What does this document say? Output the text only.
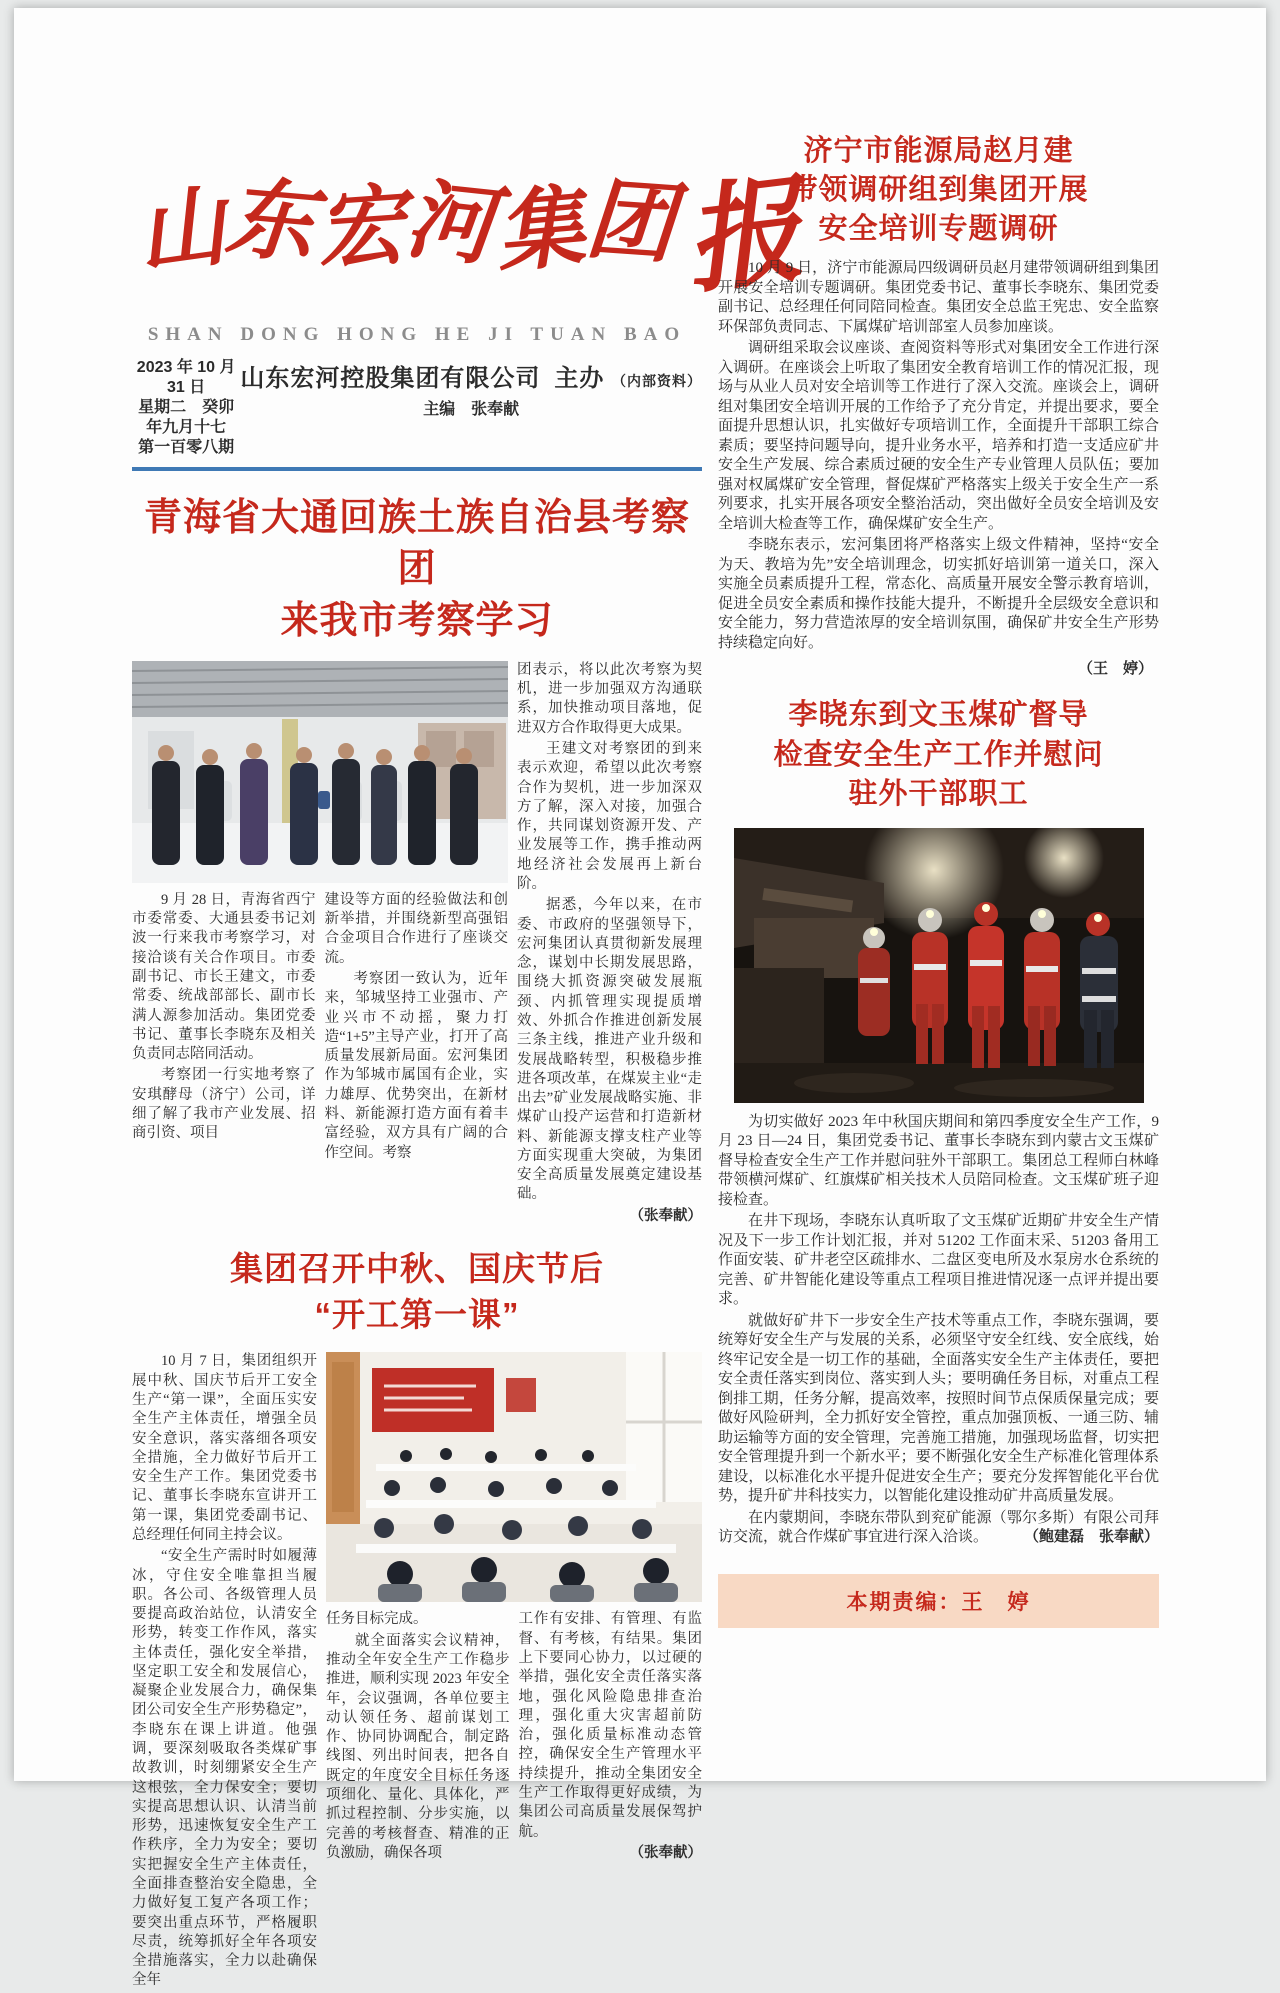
山
东
宏
河
集
团 报
SHAN DONG HONG HE JI TUAN BAO
2023 年 10 月 31 日
星期二　癸卯年九月十七
第一百零八期
山东宏河控股集团有限公司 主办 （内部资料）
主编　张奉献
青海省大通回族土族自治县考察团
来我市考察学习

9 月 28 日，青海省西宁市委常委、大通县委书记刘波一行来我市考察学习，对接洽谈有关合作项目。市委副书记、市长王建文，市委常委、统战部部长、副市长满人源参加活动。集团党委书记、董事长李晓东及相关负责同志陪同活动。

考察团一行实地考察了安琪酵母（济宁）公司，详细了解了我市产业发展、招商引资、项目

建设等方面的经验做法和创新举措，并围绕新型高强铝合金项目合作进行了座谈交流。

考察团一致认为，近年来，邹城坚持工业强市、产业兴市不动摇，聚力打造“1+5”主导产业，打开了高质量发展新局面。宏河集团作为邹城市属国有企业，实力雄厚、优势突出，在新材料、新能源打造方面有着丰富经验，双方具有广阔的合作空间。考察

团表示，将以此次考察为契机，进一步加强双方沟通联系，加快推动项目落地，促进双方合作取得更大成果。

王建文对考察团的到来表示欢迎，希望以此次考察合作为契机，进一步加深双方了解，深入对接，加强合作，共同谋划资源开发、产业发展等工作，携手推动两地经济社会发展再上新台阶。

据悉，今年以来，在市委、市政府的坚强领导下，宏河集团认真贯彻新发展理念，谋划中长期发展思路，围绕大抓资源突破发展瓶颈、内抓管理实现提质增效、外抓合作推进创新发展三条主线，推进产业升级和发展战略转型，积极稳步推进各项改革，在煤炭主业“走出去”矿业发展战略实施、非煤矿山投产运营和打造新材料、新能源支撑支柱产业等方面实现重大突破，为集团安全高质量发展奠定建设基础。

（张奉献）
集团召开中秋、国庆节后
“开工第一课”

10 月 7 日，集团组织开展中秋、国庆节后开工安全生产“第一课”，全面压实安全生产主体责任，增强全员安全意识，落实落细各项安全措施，全力做好节后开工安全生产工作。集团党委书记、董事长李晓东宣讲开工第一课，集团党委副书记、总经理任何同主持会议。

“安全生产需时时如履薄冰，守住安全唯靠担当履职。各公司、各级管理人员要提高政治站位，认清安全形势，转变工作作风，落实主体责任，强化安全举措，坚定职工安全和发展信心，凝聚企业发展合力，确保集团公司安全生产形势稳定”，李晓东在课上讲道。他强调，要深刻吸取各类煤矿事故教训，时刻绷紧安全生产这根弦，全力保安全；要切实提高思想认识、认清当前形势，迅速恢复安全生产工作秩序，全力为安全；要切实把握安全生产主体责任，全面排查整治安全隐患，全力做好复工复产各项工作；要突出重点环节，严格履职尽责，统筹抓好全年各项安全措施落实，全力以赴确保全年

任务目标完成。

就全面落实会议精神，推动全年安全生产工作稳步推进，顺利实现 2023 年安全年，会议强调，各单位要主动认领任务、超前谋划工作、协同协调配合，制定路线图、列出时间表，把各自既定的年度安全目标任务逐项细化、量化、具体化，严抓过程控制、分步实施，以完善的考核督查、精准的正负激励，确保各项

工作有安排、有管理、有监督、有考核，有结果。集团上下要同心协力，以过硬的举措，强化安全责任落实落地，强化风险隐患排查治理，强化重大灾害超前防治，强化质量标准动态管控，确保安全生产管理水平持续提升，推动全集团安全生产工作取得更好成绩，为集团公司高质量发展保驾护航。

（张奉献）
济宁市能源局赵月建
带领调研组到集团开展
安全培训专题调研

10 月 9 日，济宁市能源局四级调研员赵月建带领调研组到集团开展安全培训专题调研。集团党委书记、董事长李晓东、集团党委副书记、总经理任何同陪同检查。集团安全总监王宪忠、安全监察环保部负责同志、下属煤矿培训部室人员参加座谈。

调研组采取会议座谈、查阅资料等形式对集团安全工作进行深入调研。在座谈会上听取了集团安全教育培训工作的情况汇报，现场与从业人员对安全培训等工作进行了深入交流。座谈会上，调研组对集团安全培训开展的工作给予了充分肯定，并提出要求，要全面提升思想认识，扎实做好专项培训工作，全面提升干部职工综合素质；要坚持问题导向，提升业务水平，培养和打造一支适应矿井安全生产发展、综合素质过硬的安全生产专业管理人员队伍；要加强对权属煤矿安全管理，督促煤矿严格落实上级关于安全生产一系列要求，扎实开展各项安全整治活动，突出做好全员安全培训及安全培训大检查等工作，确保煤矿安全生产。

李晓东表示，宏河集团将严格落实上级文件精神，坚持“安全为天、教培为先”安全培训理念，切实抓好培训第一道关口，深入实施全员素质提升工程，常态化、高质量开展安全警示教育培训，促进全员安全素质和操作技能大提升，不断提升全层级安全意识和安全能力，努力营造浓厚的安全培训氛围，确保矿井安全生产形势持续稳定向好。

（王　婷）
李晓东到文玉煤矿督导
检查安全生产工作并慰问
驻外干部职工

为切实做好 2023 年中秋国庆期间和第四季度安全生产工作，9 月 23 日—24 日，集团党委书记、董事长李晓东到内蒙古文玉煤矿督导检查安全生产工作并慰问驻外干部职工。集团总工程师白林峰带领横河煤矿、红旗煤矿相关技术人员陪同检查。文玉煤矿班子迎接检查。

在井下现场，李晓东认真听取了文玉煤矿近期矿井安全生产情况及下一步工作计划汇报，并对 51202 工作面末采、51203 备用工作面安装、矿井老空区疏排水、二盘区变电所及水泵房水仓系统的完善、矿井智能化建设等重点工程项目推进情况逐一点评并提出要求。

就做好矿井下一步安全生产技术等重点工作，李晓东强调，要统筹好安全生产与发展的关系，必须坚守安全红线、安全底线，始终牢记安全是一切工作的基础，全面落实安全生产主体责任，要把安全责任落实到岗位、落实到人头；要明确任务目标，对重点工程倒排工期，任务分解，提高效率，按照时间节点保质保量完成；要做好风险研判，全力抓好安全管控，重点加强顶板、一通三防、辅助运输等方面的安全管理，完善施工措施，加强现场监督，切实把安全管理提升到一个新水平；要不断强化安全生产标准化管理体系建设，以标准化水平提升促进安全生产；要充分发挥智能化平台优势，提升矿井科技实力，以智能化建设推动矿井高质量发展。

在内蒙期间，李晓东带队到兖矿能源（鄂尔多斯）有限公司拜访交流，就合作煤矿事宜进行深入洽谈。	（鲍建磊　张奉献）

本期责编：王　婷
